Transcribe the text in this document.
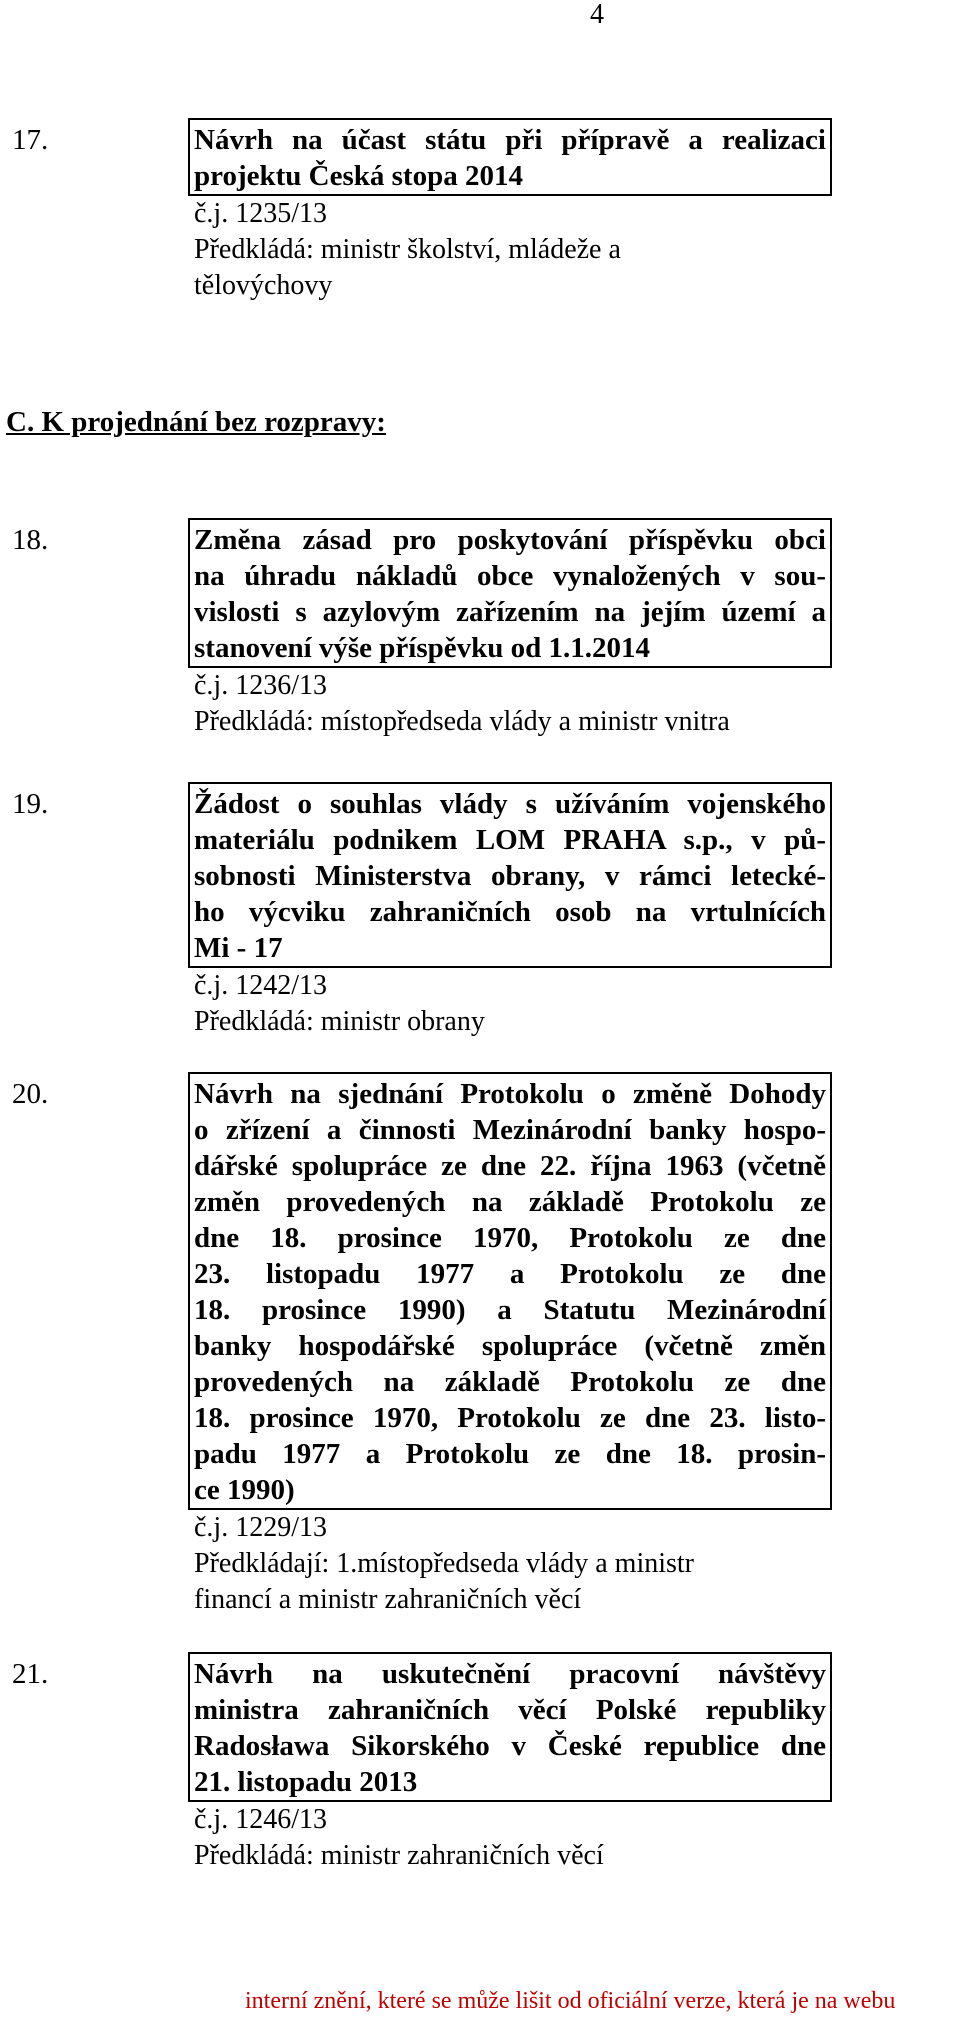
4
17.	Návrh na účast státu při přípravě a realizaci
projektu Česká stopa 2014
č.j. 1235/13
Předkládá: ministr školství, mládeže a
tělovýchovy
C. K projednání bez rozpravy:
18.	Změna zásad pro poskytování příspěvku obci
na úhradu nákladů obce vynaložených v sou-
vislosti s azylovým zařízením na jejím území a
stanovení výše příspěvku od 1.1.2014
č.j. 1236/13
Předkládá: místopředseda vlády a ministr vnitra
19.	Žádost o souhlas vlády s užíváním vojenského
materiálu podnikem LOM PRAHA s.p., v pů-
sobnosti Ministerstva obrany, v rámci letecké-
ho výcviku zahraničních osob na vrtulnících
Mi - 17
č.j. 1242/13
Předkládá: ministr obrany
20.	Návrh na sjednání Protokolu o změně Dohody
o zřízení a činnosti Mezinárodní banky hospo-
dářské spolupráce ze dne 22. října 1963 (včetně
změn provedených na základě Protokolu ze
dne 18. prosince 1970, Protokolu ze dne
23. listopadu 1977 a Protokolu ze dne
18. prosince 1990) a Statutu Mezinárodní
banky hospodářské spolupráce (včetně změn
provedených na základě Protokolu ze dne
18. prosince 1970, Protokolu ze dne 23. listo-
padu 1977 a Protokolu ze dne 18. prosin-
ce 1990)
č.j. 1229/13
Předkládají: 1.místopředseda vlády a ministr
financí a ministr zahraničních věcí
21.	Návrh na uskutečnění pracovní návštěvy
ministra zahraničních věcí Polské republiky
Radosława Sikorského v České republice dne
21. listopadu 2013
č.j. 1246/13
Předkládá: ministr zahraničních věcí
interní znění, které se může lišit od oficiální verze, která je na webu
